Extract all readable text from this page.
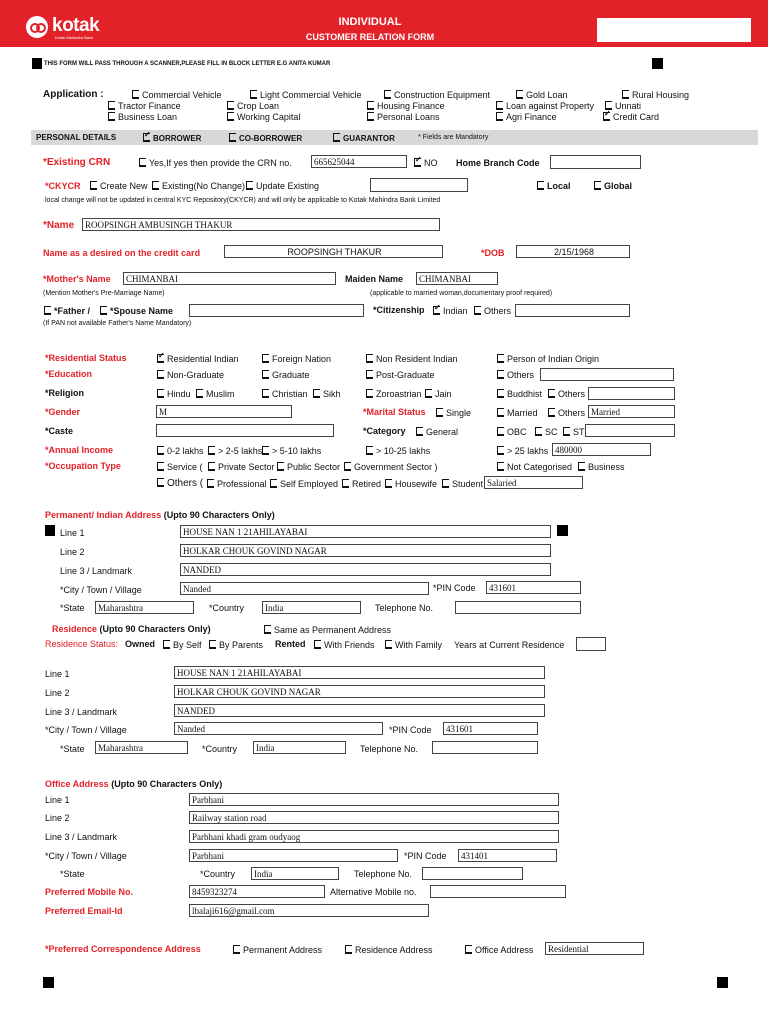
kotak
Kotak Mahindra Bank
INDIVIDUAL
CUSTOMER RELATION FORM
THIS FORM WILL PASS THROUGH A SCANNER,PLEASE FILL IN BLOCK LETTER E.G ANITA KUMAR
Application :	Commercial Vehicle	Light Commercial Vehicle	Construction Equipment	Gold Loan	Rural Housing
Tractor Finance	Crop Loan	Housing Finance	Loan against Property	Unnati
Business Loan	Working Capital	Personal Loans	Agri Finance ✓	Credit Card
PERSONAL DETAILS ✓	BORROWER	CO-BORROWER	GUARANTOR	* Fields are Mandatory
*Existing CRN	Yes,If yes then provide the CRN no.	665625044 ✓	NO Home Branch Code
*CKYCR	Create New	Existing(No Change)	Update Existing	Local	Global
local change will not be updated in central KYC Repository(CKYCR) and will only be applicable to Kotak Mahindra Bank Limited
*Name	ROOPSINGH AMBUSINGH THAKUR
Name as a desired on the credit card	ROOPSINGH THAKUR	*DOB	2/15/1968
*Mother's Name	CHIMANBAI	Maiden Name	CHIMANBAI
(Mention Mother's Pre-Marriage Name)	(applicable to married woman,documentary proof required)
*Father /	*Spouse Name	*Citizenship ✓	Indian	Others
(If PAN not available Father's Name Mandatory)
*Residential Status ✓	Residential Indian	Foreign Nation	Non Resident Indian	Person of Indian Origin
*Education	Non-Graduate	Graduate	Post-Graduate	Others
*Religion	Hindu	Muslim	Christian	Sikh	Zoroastrian	Jain	Buddhist	Others
*Gender	M	*Marital Status	Single	Married	Others Married
*Caste	*Category	General	OBC	SC	ST
*Annual Income	0-2 lakhs	> 2-5 lakhs	> 5-10 lakhs	> 10-25 lakhs	> 25 lakhs 480000
*Occupation Type	Service (	Private Sector	Public Sector	Government Sector )	Not Categorised	Business
Others (	Professional	Self Employed	Retired	Housewife	Student Salaried
Permanent/ Indian Address (Upto 90 Characters Only)
Line 1	HOUSE NAN 1 21AHILAYABAI
Line 2	HOLKAR CHOUK GOVIND NAGAR
Line 3 / Landmark	NANDED
*City / Town / Village	Nanded	*PIN Code	431601
*State	Maharashtra	*Country	India	Telephone No.
Residence (Upto 90 Characters Only)	Same as Permanent Address
Residence Status: Owned	By Self	By Parents Rented	With Friends	With Family Years at Current Residence
Line 1	HOUSE NAN 1 21AHILAYABAI
Line 2	HOLKAR CHOUK GOVIND NAGAR
Line 3 / Landmark	NANDED
*City / Town / Village	Nanded	*PIN Code	431601
*State	Maharashtra	*Country	India	Telephone No.
Office Address (Upto 90 Characters Only)
Line 1	Parbhani
Line 2	Railway station road
Line 3 / Landmark	Parbhani khadi gram oudyaog
*City / Town / Village	Parbhani	*PIN Code	431401
*State	*Country	India	Telephone No.
Preferred Mobile No.	8459323274	Alternative Mobile no.
Preferred Email-Id	lbalaji616@gmail.com
*Preferred Correspondence Address	Permanent Address	Residence Address	Office Address	Residential
